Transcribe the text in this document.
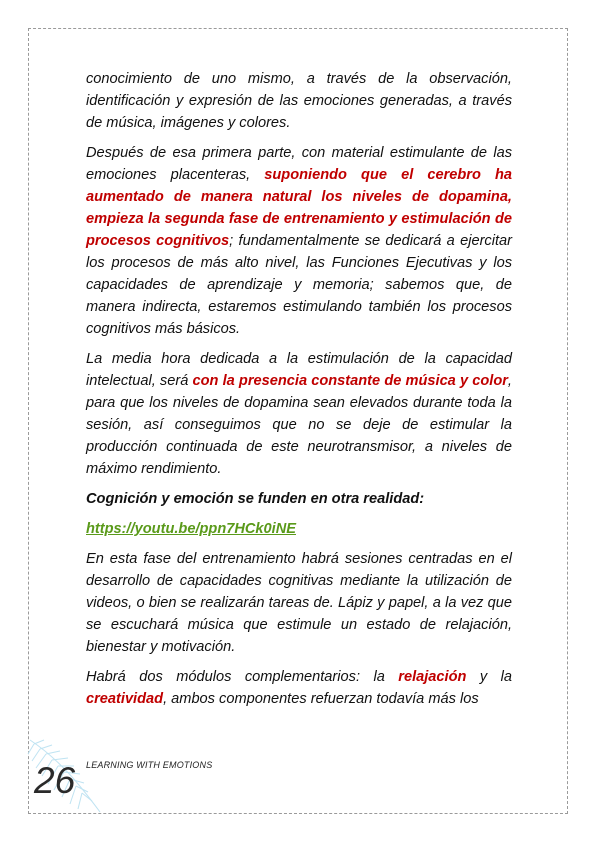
conocimiento de uno mismo, a través de la observación, identificación y expresión de las emociones generadas, a través de música, imágenes y colores.

Después de esa primera parte, con material estimulante de las emociones placenteras, suponiendo que el cerebro ha aumentado de manera natural los niveles de dopamina, empieza la segunda fase de entrenamiento y estimulación de procesos cognitivos; fundamentalmente se dedicará a ejercitar los procesos de más alto nivel, las Funciones Ejecutivas y los capacidades de aprendizaje y memoria; sabemos que, de manera indirecta, estaremos estimulando también los procesos cognitivos más básicos.

La media hora dedicada a la estimulación de la capacidad intelectual, será con la presencia constante de música y color, para que los niveles de dopamina sean elevados durante toda la sesión, así conseguimos que no se deje de estimular la producción continuada de este neurotransmisor, a niveles de máximo rendimiento.

Cognición y emoción se funden en otra realidad:

https://youtu.be/ppn7HCk0iNE

En esta fase del entrenamiento habrá sesiones centradas en el desarrollo de capacidades cognitivas mediante la utilización de videos, o bien se realizarán tareas de. Lápiz y papel, a la vez que se escuchará música que estimule un estado de relajación, bienestar y motivación.

Habrá dos módulos complementarios: la relajación y la creatividad, ambos componentes refuerzan todavía más los

LEARNING WITH EMOTIONS
26
